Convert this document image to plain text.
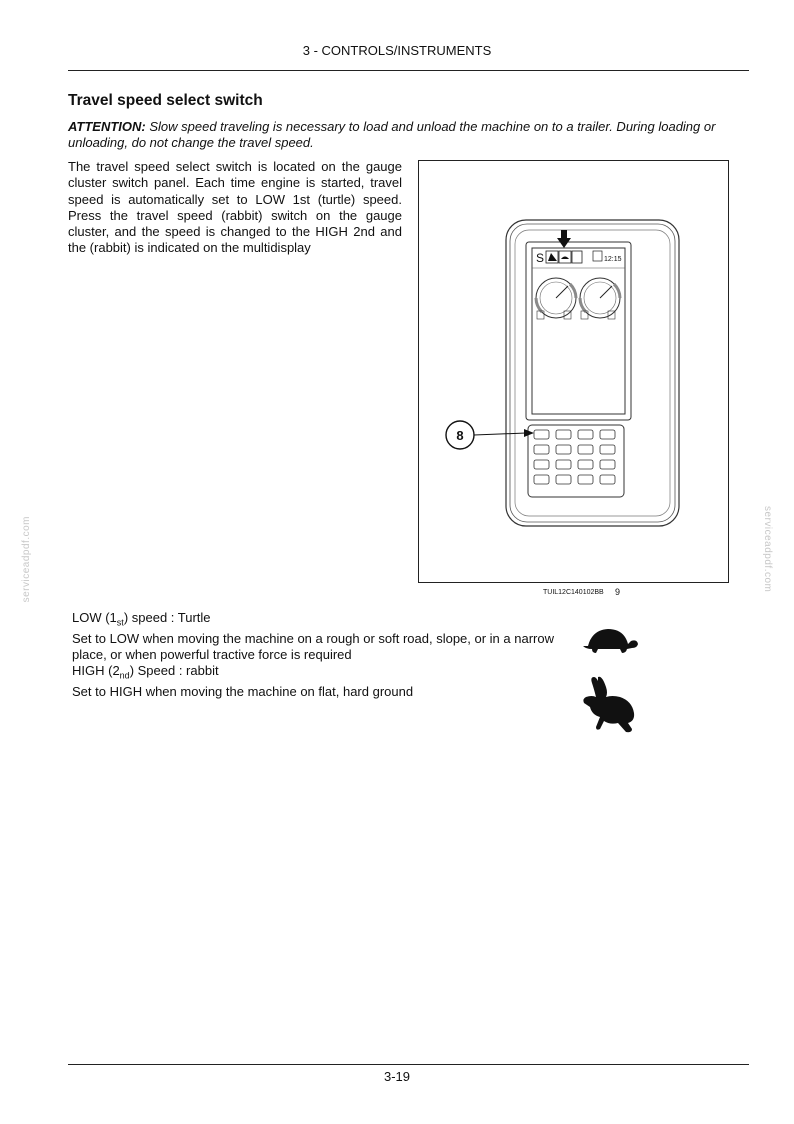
3 - CONTROLS/INSTRUMENTS
Travel speed select switch
ATTENTION: Slow speed traveling is necessary to load and unload the machine on to a trailer. During loading or unloading, do not change the travel speed.
The travel speed select switch is located on the gauge cluster switch panel. Each time engine is started, travel speed is automatically set to LOW 1st (turtle) speed. Press the travel speed (rabbit) switch on the gauge cluster, and the speed is changed to the HIGH 2nd and the (rabbit) is indicated on the multidisplay
S	12:15
8
TUIL12C140102BB 9
serviceadpdf.com	serviceadpdf.com
LOW $(1_{st})$ speed : Turtle
Set to LOW when moving the machine on a rough or soft road, slope, or in a narrow
place, or when powerful tractive force is required
HIGH $(2_{nd})$ Speed : rabbit
Set to HIGH when moving the machine on flat, hard ground
3-19
